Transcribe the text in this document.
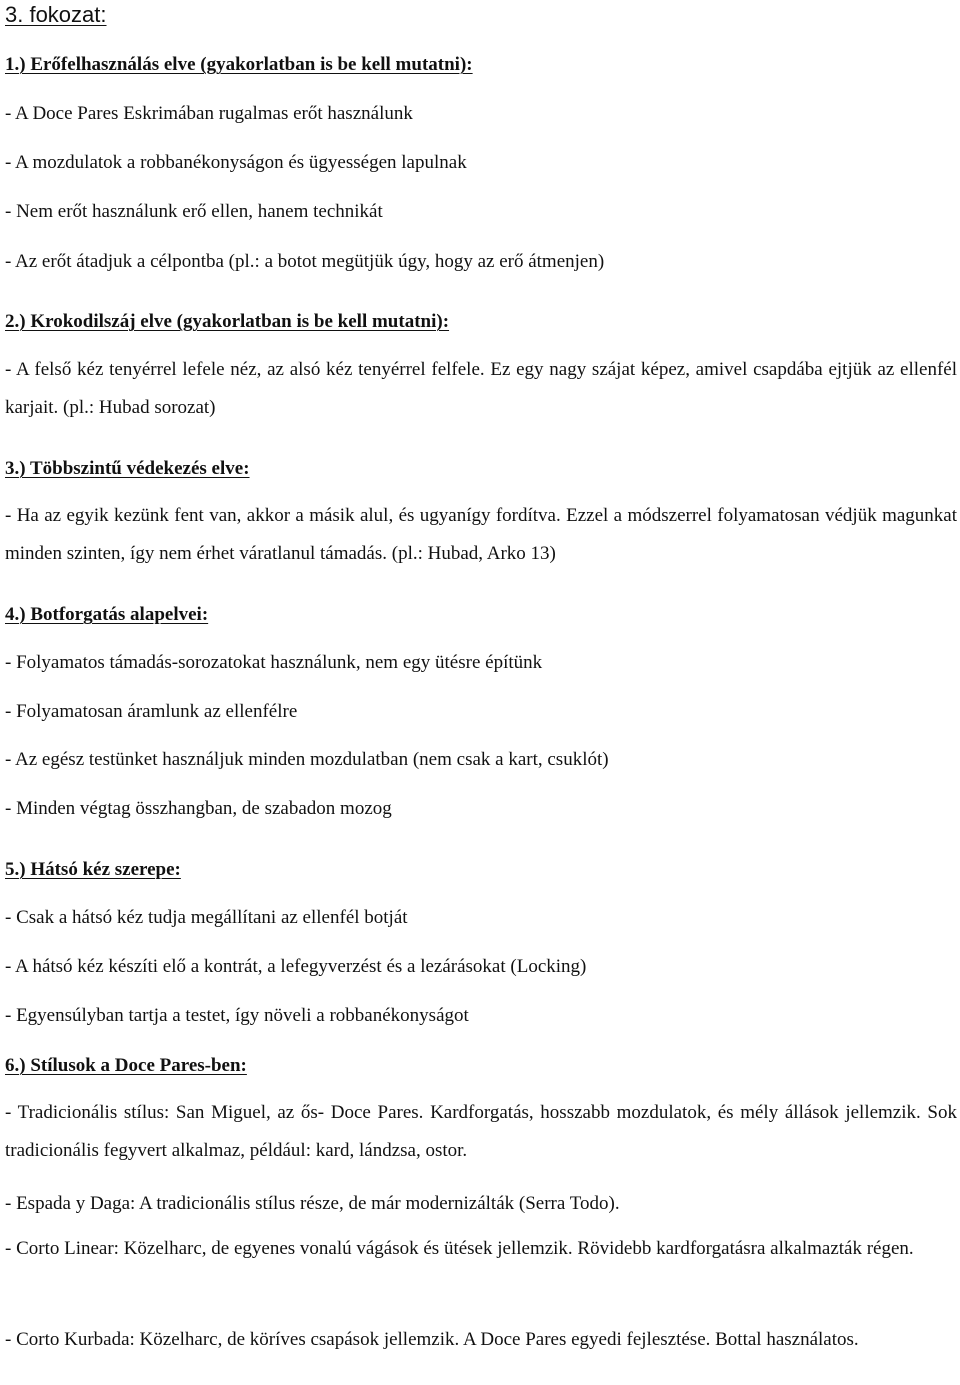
3. fokozat:
1.) Erőfelhasználás elve (gyakorlatban is be kell mutatni):

- A Doce Pares Eskrimában rugalmas erőt használunk

- A mozdulatok a robbanékonyságon és ügyességen lapulnak

- Nem erőt használunk erő ellen, hanem technikát

- Az erőt átadjuk a célpontba (pl.: a botot megütjük úgy, hogy az erő átmenjen)

2.) Krokodilszáj elve (gyakorlatban is be kell mutatni):

- A felső kéz tenyérrel lefele néz, az alsó kéz tenyérrel felfele. Ez egy nagy szájat képez, amivel csapdába ejtjük az ellenfél karjait. (pl.: Hubad sorozat)

3.) Többszintű védekezés elve:

- Ha az egyik kezünk fent van, akkor a másik alul, és ugyanígy fordítva. Ezzel a módszerrel folyamatosan védjük magunkat minden szinten, így nem érhet váratlanul támadás. (pl.: Hubad, Arko 13)

4.) Botforgatás alapelvei:

- Folyamatos támadás-sorozatokat használunk, nem egy ütésre építünk

- Folyamatosan áramlunk az ellenfélre

- Az egész testünket használjuk minden mozdulatban (nem csak a kart, csuklót)

- Minden végtag összhangban, de szabadon mozog

5.) Hátsó kéz szerepe:

- Csak a hátsó kéz tudja megállítani az ellenfél botját

- A hátsó kéz készíti elő a kontrát, a lefegyverzést és a lezárásokat (Locking)

- Egyensúlyban tartja a testet, így növeli a robbanékonyságot

6.) Stílusok a Doce Pares-ben:

- Tradicionális stílus: San Miguel, az ős- Doce Pares. Kardforgatás, hosszabb mozdulatok, és mély állások jellemzik. Sok tradicionális fegyvert alkalmaz, például: kard, lándzsa, ostor.

- Espada y Daga: A tradicionális stílus része, de már modernizálták (Serra Todo).

- Corto Linear: Közelharc, de egyenes vonalú vágások és ütések jellemzik. Rövidebb kardforgatásra alkalmazták régen.

- Corto Kurbada: Közelharc, de köríves csapások jellemzik. A Doce Pares egyedi fejlesztése. Bottal használatos.
